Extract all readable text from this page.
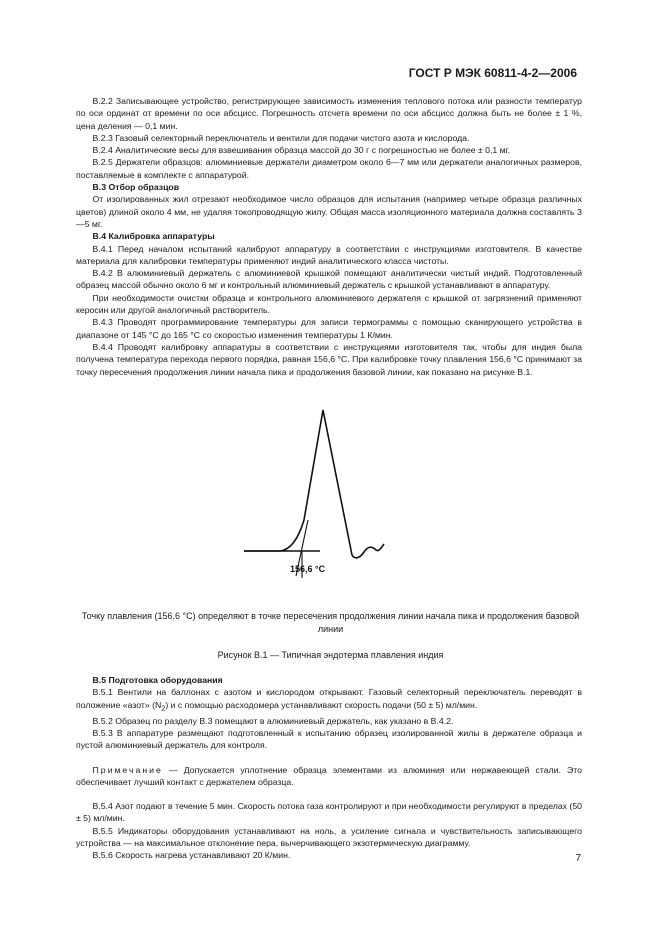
ГОСТ Р МЭК 60811-4-2—2006

B.2.2 Записывающее устройство, регистрирующее зависимость изменения теплового потока или разности температур по оси ординат от времени по оси абсцисс. Погрешность отсчета времени по оси абсцисс должна быть не более ± 1 %, цена деления — 0,1 мин.

B.2.3 Газовый селекторный переключатель и вентили для подачи чистого азота и кислорода.

B.2.4 Аналитические весы для взвешивания образца массой до 30 г с погрешностью не более ± 0,1 мг.

B.2.5 Держатели образцов: алюминиевые держатели диаметром около 6—7 мм или держатели аналогичных размеров, поставляемые в комплекте с аппаратурой.

В.3 Отбор образцов

От изолированных жил отрезают необходимое число образцов для испытания (например четыре образца различных цветов) длиной около 4 мм, не удаляя токопроводящую жилу. Общая масса изоляционного материала должна составлять 3—5 мг.

В.4 Калибровка аппаратуры

В.4.1 Перед началом испытаний калибруют аппаратуру в соответствии с инструкциями изготовителя. В качестве материала для калибровки температуры применяют индий аналитического класса чистоты.

В.4.2 В алюминиевый держатель с алюминиевой крышкой помещают аналитически чистый индий. Подготовленный образец массой обычно около 6 мг и контрольный алюминиевый держатель с крышкой устанавливают в аппаратуру.

При необходимости очистки образца и контрольного алюминиевого держателя с крышкой от загрязнений применяют керосин или другой аналогичный растворитель.

В.4.3 Проводят программирование температуры для записи термограммы с помощью сканирующего устройства в диапазоне от 145 °С до 165 °С со скоростью изменения температуры 1 К/мин.

В.4.4 Проводят калибровку аппаратуры в соответствии с инструкциями изготовителя так, чтобы для индия была получена температура перехода первого порядка, равная 156,6 °С. При калибровке точку плавления 156,6 °С принимают за точку пересечения продолжения линии начала пика и продолжения базовой линии, как показано на рисунке В.1.

156,6 °С
Точку плавления (156,6 °С) определяют в точке пересечения продолжения линии начала пика и продолжения базовой линии
Рисунок В.1 — Типичная эндотерма плавления индия

В.5 Подготовка оборудования

В.5.1 Вентили на баллонах с азотом и кислородом открывают. Газовый селекторный переключатель переводят в положение «азот» $(N_2)$ и с помощью расходомера устанавливают скорость подачи (50 ± 5) мл/мин.

В.5.2 Образец по разделу В.3 помещают в алюминиевый держатель, как указано в В.4.2.

В.5.3 В аппаратуре размещают подготовленный к испытанию образец изолированной жилы в держателе образца и пустой алюминиевый держатель для контроля.

Примечание — Допускается уплотнение образца элементами из алюминия или нержавеющей стали. Это обеспечивает лучший контакт с держателем образца.

В.5.4 Азот подают в течение 5 мин. Скорость потока газа контролируют и при необходимости регулируют в пределах (50 ± 5) мл/мин.

В.5.5 Индикаторы оборудования устанавливают на ноль, а усиление сигнала и чувствительность записывающего устройства — на максимальное отклонение пера, вычерчивающего экзотермическую диаграмму.

В.5.6 Скорость нагрева устанавливают 20 К/мин.	7
